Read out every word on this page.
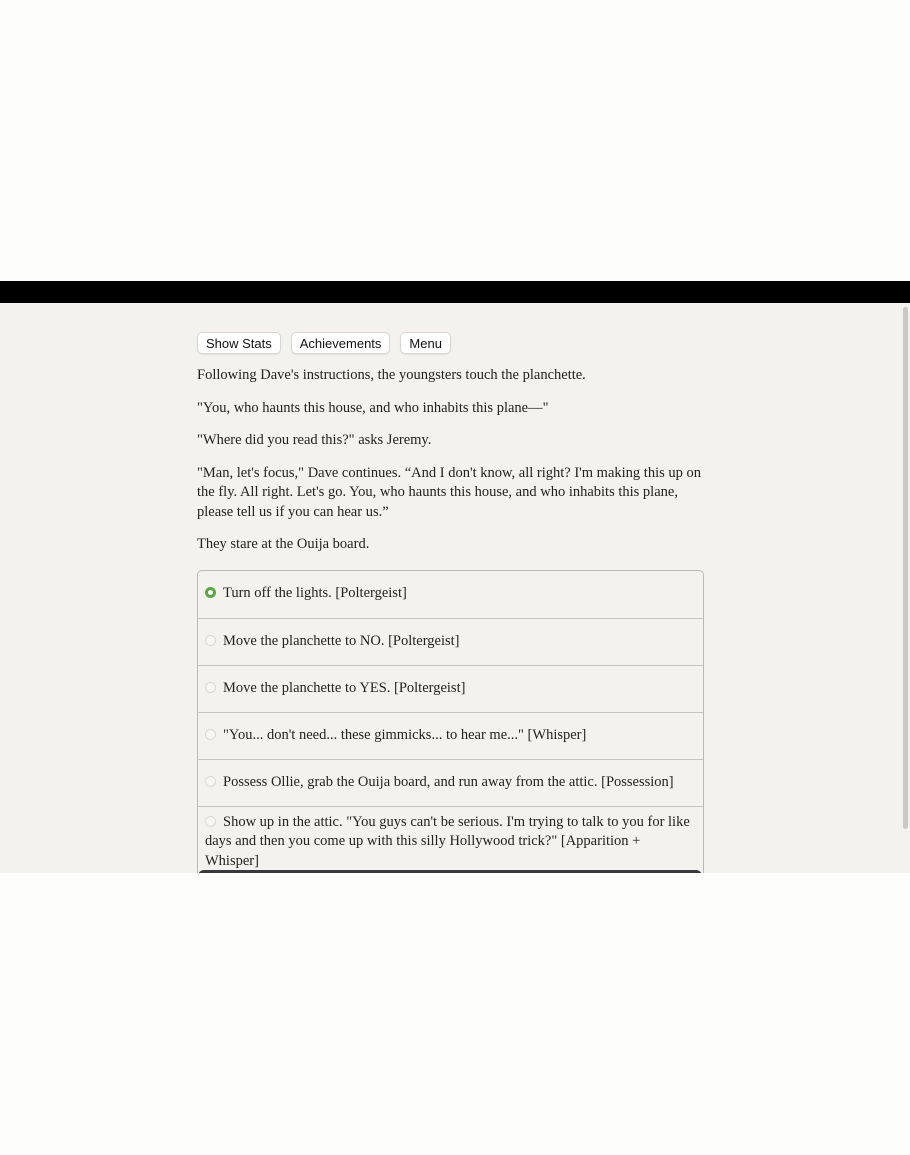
Show Stats	Achievements	Menu

Following Dave's instructions, the youngsters touch the planchette.

"You, who haunts this house, and who inhabits this plane—"

"Where did you read this?" asks Jeremy.

"Man, let's focus," Dave continues. “And I don't know, all right? I'm making this up on the fly. All right. Let's go. You, who haunts this house, and who inhabits this plane, please tell us if you can hear us.”

They stare at the Ouija board.

Turn off the lights. [Poltergeist]
Move the planchette to NO. [Poltergeist]
Move the planchette to YES. [Poltergeist]
"You... don't need... these gimmicks... to hear me..." [Whisper]
Possess Ollie, grab the Ouija board, and run away from the attic. [Possession]
Show up in the attic. "You guys can't be serious. I'm trying to talk to you for like days and then you come up with this silly Hollywood trick?" [Apparition + Whisper]
